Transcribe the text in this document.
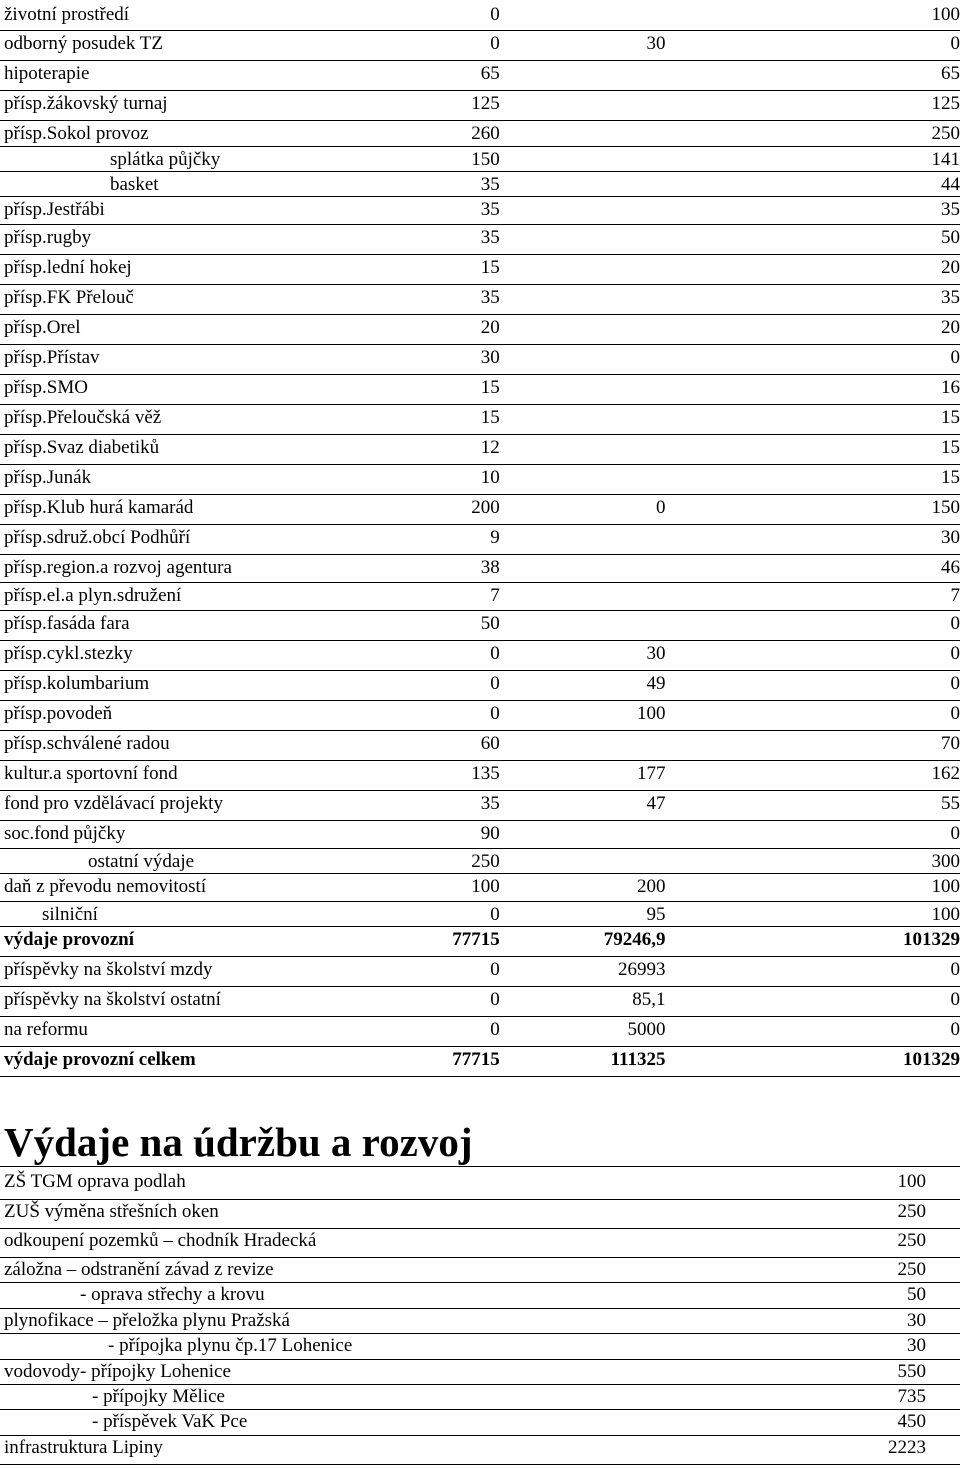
životní prostředí	0		100	
odborný posudek TZ	0	30	0	
hipoterapie	65		65	
přísp.žákovský turnaj	125		125	
přísp.Sokol provoz	260		250	
splátka půjčky	150		141	
basket	35		44	
přísp.Jestřábi	35		35	
přísp.rugby	35		50	
přísp.lední hokej	15		20	
přísp.FK Přelouč	35		35	
přísp.Orel	20		20	
přísp.Přístav	30		0	
přísp.SMO	15		16	
přísp.Přeloučská věž	15		15	
přísp.Svaz diabetiků	12		15	
přísp.Junák	10		15	
přísp.Klub hurá kamarád	200	0	150	
přísp.sdruž.obcí Podhůří	9		30	
přísp.region.a rozvoj agentura	38		46	
přísp.el.a plyn.sdružení	7		7	
přísp.fasáda fara	50		0	
přísp.cykl.stezky	0	30	0	
přísp.kolumbarium	0	49	0	
přísp.povodeň	0	100	0	
přísp.schválené radou	60		70	
kultur.a sportovní fond	135	177	162	
fond pro vzdělávací projekty	35	47	55	
soc.fond půjčky	90		0	
ostatní výdaje	250		300	
daň z převodu nemovitostí	100	200	100	
silniční	0	95	100	
výdaje provozní	77715	79246,9	101329	
příspěvky na školství mzdy	0	26993	0	
příspěvky na školství ostatní	0	85,1	0	
na reformu	0	5000	0	
výdaje provozní celkem	77715	111325	101329	
Výdaje na údržbu a rozvoj
ZŠ TGM oprava podlah	100
ZUŠ výměna střešních oken	250
odkoupení pozemků – chodník Hradecká	250
záložna – odstranění závad z revize	250
- oprava střechy a krovu	50
plynofikace – přeložka plynu Pražská	30
- přípojka plynu čp.17 Lohenice	30
vodovody- přípojky Lohenice	550
- přípojky Mělice	735
- příspěvek VaK Pce	450
infrastruktura Lipiny	2223
